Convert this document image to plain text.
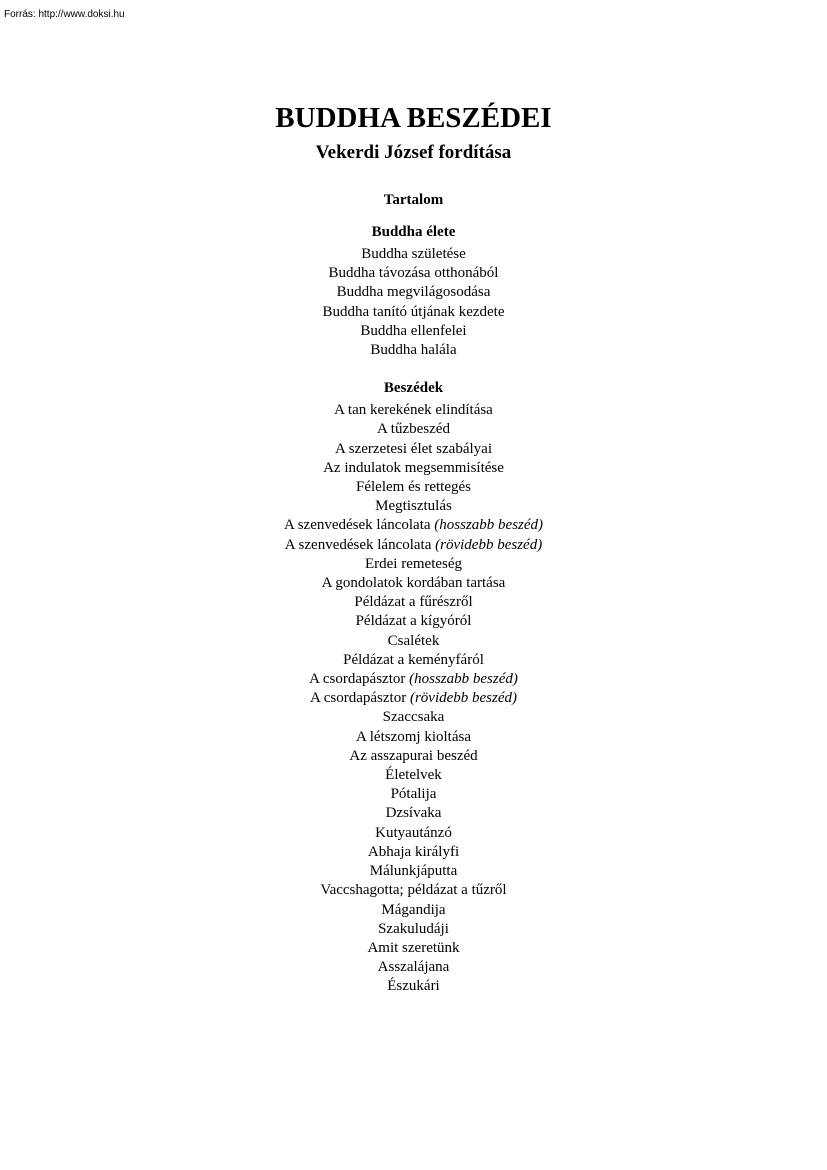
Forrás: http://www.doksi.hu
BUDDHA BESZÉDEI
Vekerdi József fordítása
Tartalom
Buddha élete
Buddha születése
Buddha távozása otthonából
Buddha megvilágosodása
Buddha tanító útjának kezdete
Buddha ellenfelei
Buddha halála
Beszédek
A tan kerekének elindítása
A tűzbeszéd
A szerzetesi élet szabályai
Az indulatok megsemmisítése
Félelem és rettegés
Megtisztulás
A szenvedések láncolata (hosszabb beszéd)
A szenvedések láncolata (rövidebb beszéd)
Erdei remeteség
A gondolatok kordában tartása
Példázat a fűrészről
Példázat a kígyóról
Csalétek
Példázat a keményfáról
A csordapásztor (hosszabb beszéd)
A csordapásztor (rövidebb beszéd)
Szaccsaka
A létszomj kioltása
Az asszapurai beszéd
Életelvek
Pótalija
Dzsívaka
Kutyautánzó
Abhaja királyfi
Málunkjáputta
Vaccshagotta; példázat a tűzről
Mágandija
Szakuludáji
Amit szeretünk
Asszalájana
Észukári
